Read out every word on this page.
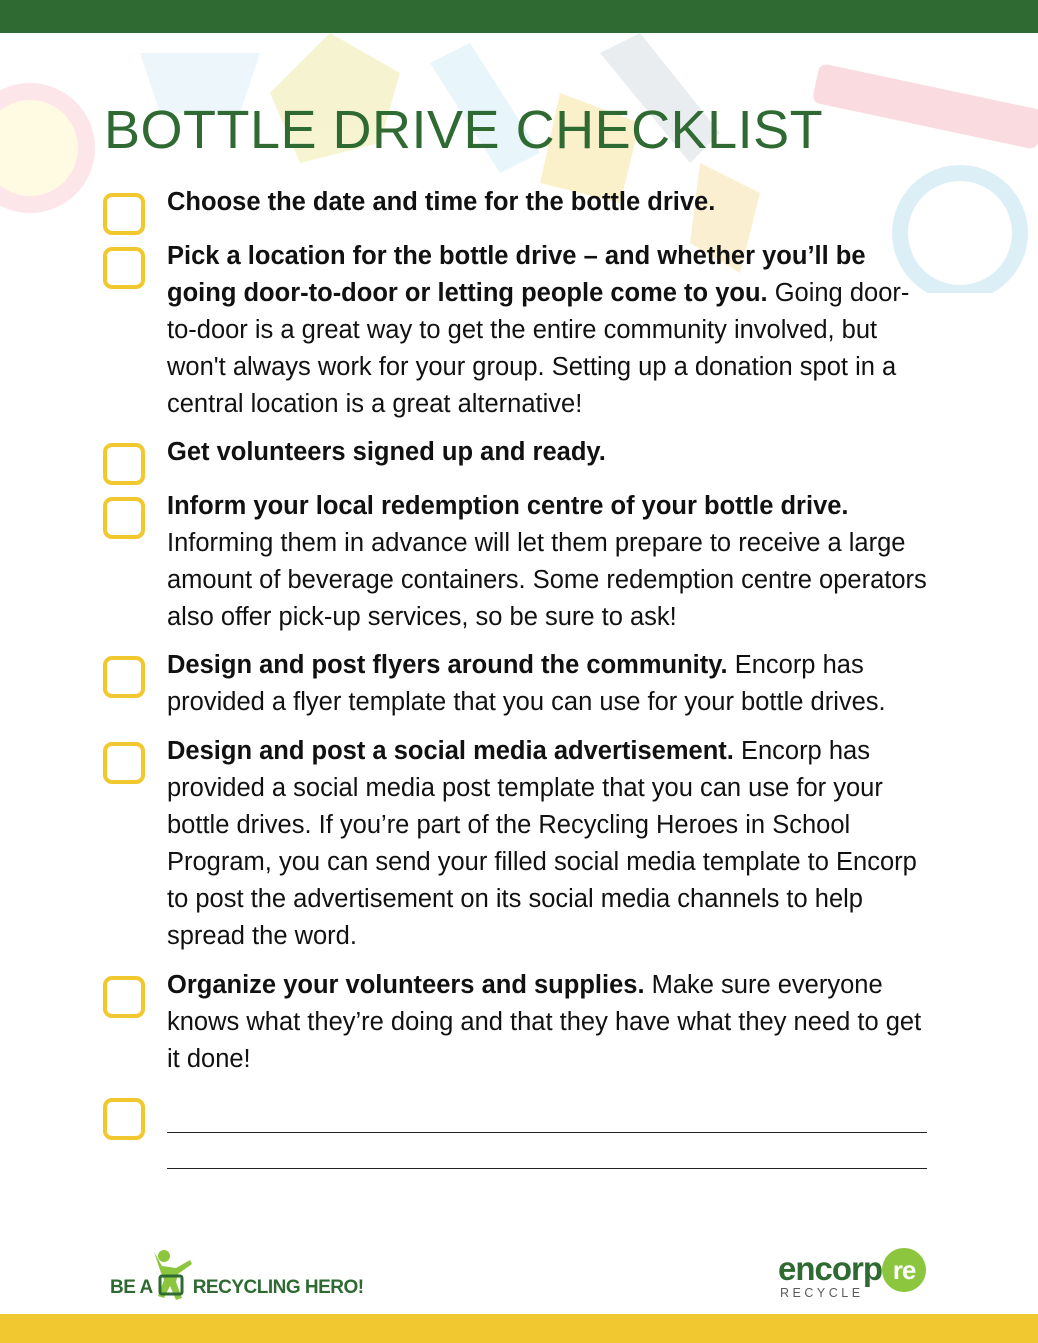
BOTTLE DRIVE CHECKLIST
Choose the date and time for the bottle drive.
Pick a location for the bottle drive – and whether you’ll be going door-to-door or letting people come to you. Going door-to-door is a great way to get the entire community involved, but won't always work for your group. Setting up a donation spot in a central location is a great alternative!
Get volunteers signed up and ready.
Inform your local redemption centre of your bottle drive. Informing them in advance will let them prepare to receive a large amount of beverage containers. Some redemption centre operators also offer pick-up services, so be sure to ask!
Design and post flyers around the community. Encorp has provided a flyer template that you can use for your bottle drives.
Design and post a social media advertisement. Encorp has provided a social media post template that you can use for your bottle drives. If you’re part of the Recycling Heroes in School Program, you can send your filled social media template to Encorp to post the advertisement on its social media channels to help spread the word.
Organize your volunteers and supplies. Make sure everyone knows what they’re doing and that they have what they need to get it done!
BE A RECYCLING HERO!
encorp re
RECYCLE
